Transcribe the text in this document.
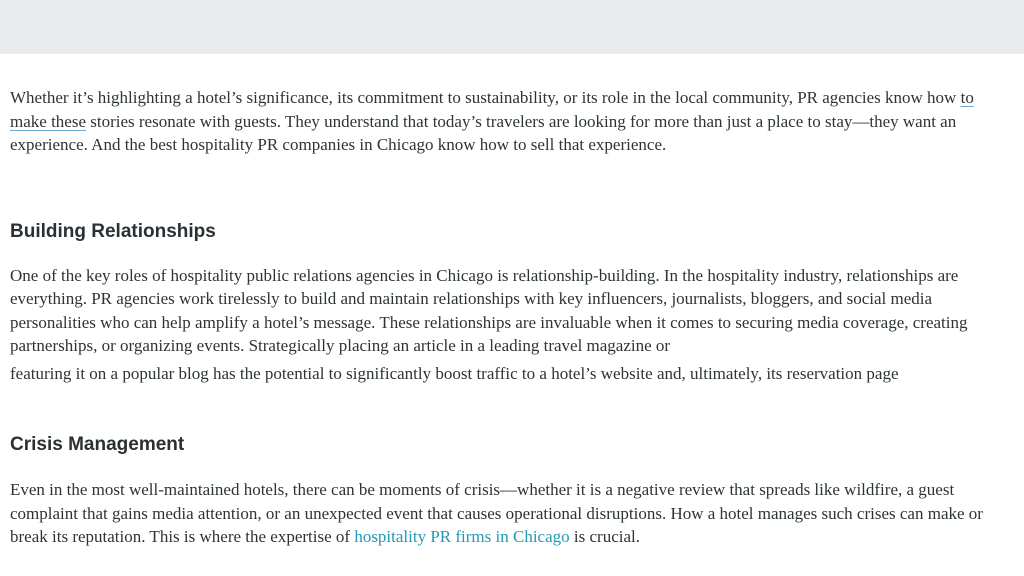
Whether it’s highlighting a hotel’s significance, its commitment to sustainability, or its role in the local community, PR agencies know how to make these stories resonate with guests. They understand that today’s travelers are looking for more than just a place to stay—they want an experience. And the best hospitality PR companies in Chicago know how to sell that experience.

Building Relationships

One of the key roles of hospitality public relations agencies in Chicago is relationship-building. In the hospitality industry, relationships are everything. PR agencies work tirelessly to build and maintain relationships with key influencers, journalists, bloggers, and social media personalities who can help amplify a hotel’s message. These relationships are invaluable when it comes to securing media coverage, creating partnerships, or organizing events. Strategically placing an article in a leading travel magazine or featuring it on a popular blog has the potential to significantly boost traffic to a hotel’s website and, ultimately, its reservation page

Crisis Management

Even in the most well-maintained hotels, there can be moments of crisis—whether it is a negative review that spreads like wildfire, a guest complaint that gains media attention, or an unexpected event that causes operational disruptions. How a hotel manages such crises can make or break its reputation. This is where the expertise of hospitality PR firms in Chicago is crucial.
